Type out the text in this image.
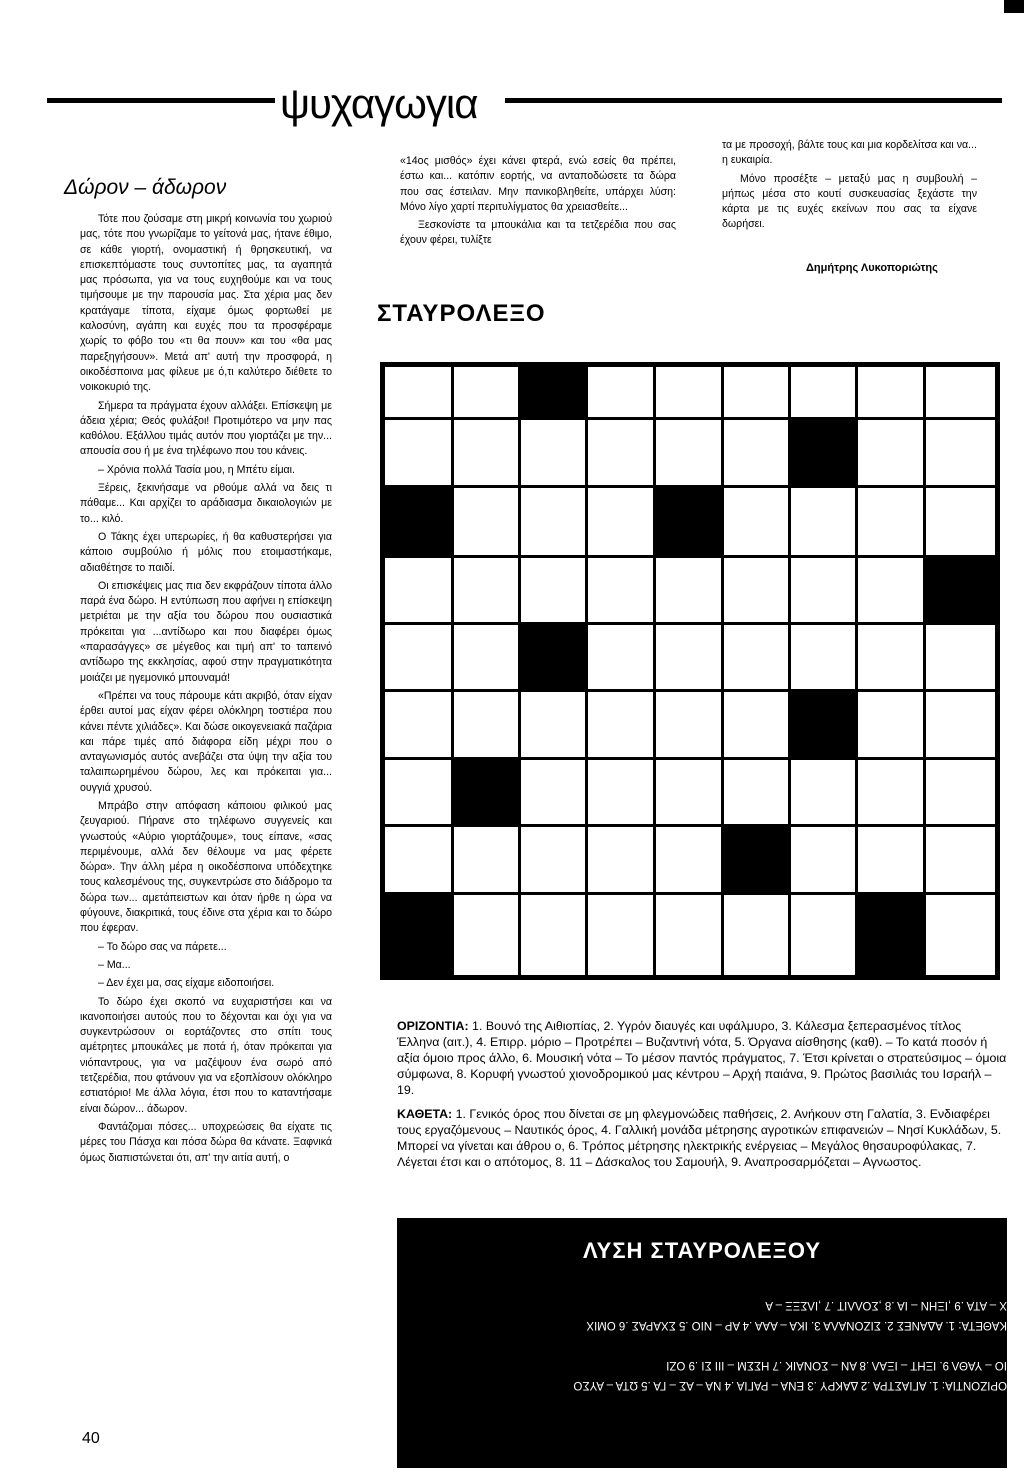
ψυχαγωγια
Δώρον – άδωρον

Τότε που ζούσαμε στη μικρή κοινωνία του χωριού μας, τότε που γνωρίζαμε το γείτονά μας, ήτανε έθιμο, σε κάθε γιορτή, ονομαστική ή θρησκευτική, να επισκεπτόμαστε τους συντοπίτες μας, τα αγαπητά μας πρόσωπα, για να τους ευχηθούμε και να τους τιμήσουμε με την παρουσία μας. Στα χέρια μας δεν κρατάγαμε τίποτα, είχαμε όμως φορτωθεί με καλοσύνη, αγάπη και ευχές που τα προσφέραμε χωρίς το φόβο του «τι θα πουν» και του «θα μας παρεξηγήσουν». Μετά απ' αυτή την προσφορά, η οικοδέσποινα μας φίλευε με ό,τι καλύτερο διέθετε το νοικοκυριό της.

Σήμερα τα πράγματα έχουν αλλάξει. Επίσκεψη με άδεια χέρια; Θεός φυλάξοι! Προτιμότερο να μην πας καθόλου. Εξάλλου τιμάς αυτόν που γιορτάζει με την... απουσία σου ή με ένα τηλέφωνο που του κάνεις.

– Χρόνια πολλά Τασία μου, η Μπέτυ είμαι.

Ξέρεις, ξεκινήσαμε να ρθούμε αλλά να δεις τι πάθαμε... Και αρχίζει το αράδιασμα δικαιολογιών με το... κιλό.

Ο Τάκης έχει υπερωρίες, ή θα καθυστερήσει για κάποιο συμβούλιο ή μόλις που ετοιμαστήκαμε, αδιαθέτησε το παιδί.

Οι επισκέψεις μας πια δεν εκφράζουν τίποτα άλλο παρά ένα δώρο. Η εντύπωση που αφήνει η επίσκεψη μετριέται με την αξία του δώρου που ουσιαστικά πρόκειται για ...αντίδωρο και που διαφέρει όμως «παρασάγγες» σε μέγεθος και τιμή απ' το ταπεινό αντίδωρο της εκκλησίας, αφού στην πραγματικότητα μοιάζει με ηγεμονικό μπουναμά!

«Πρέπει να τους πάρουμε κάτι ακριβό, όταν είχαν έρθει αυτοί μας είχαν φέρει ολόκληρη τοστιέρα που κάνει πέντε χιλιάδες». Και δώσε οικογενειακά παζάρια και πάρε τιμές από διάφορα είδη μέχρι που ο ανταγωνισμός αυτός ανεβάζει στα ύψη την αξία του ταλαιπωρημένου δώρου, λες και πρόκειται για... ουγγιά χρυσού.

Μπράβο στην απόφαση κάποιου φιλικού μας ζευγαριού. Πήρανε στο τηλέφωνο συγγενείς και γνωστούς «Αύριο γιορτάζουμε», τους είπανε, «σας περιμένουμε, αλλά δεν θέλουμε να μας φέρετε δώρα». Την άλλη μέρα η οικοδέσποινα υπόδεχτηκε τους καλεσμένους της, συγκεντρώσε στο διάδρομο τα δώρα των... αμετάπειστων και όταν ήρθε η ώρα να φύγουνε, διακριτικά, τους έδινε στα χέρια και το δώρο που έφεραν.

– Το δώρο σας να πάρετε...

– Μα...

– Δεν έχει μα, σας είχαμε ειδοποιήσει.

Το δώρο έχει σκοπό να ευχαριστήσει και να ικανοποιήσει αυτούς που το δέχονται και όχι για να συγκεντρώσουν οι εορτάζοντες στο σπίτι τους αμέτρητες μπουκάλες με ποτά ή, όταν πρόκειται για νιόπαντρους, για να μαζέψουν ένα σωρό από τετζερέδια, που φτάνουν για να εξοπλίσουν ολόκληρο εστιατόριο! Με άλλα λόγια, έτσι που το καταντήσαμε είναι δώρον... άδωρον.

Φαντάζομαι πόσες... υποχρεώσεις θα είχατε τις μέρες του Πάσχα και πόσα δώρα θα κάνατε. Ξαφνικά όμως διαπιστώνεται ότι, απ' την αιτία αυτή, ο

«14ος μισθός» έχει κάνει φτερά, ενώ εσείς θα πρέπει, έστω και... κατόπιν εορτής, να ανταποδώσετε τα δώρα που σας έστειλαν. Μην πανικοβληθείτε, υπάρχει λύση: Μόνο λίγο χαρτί περιτυλίγματος θα χρειασθείτε...

Ξεσκονίστε τα μπουκάλια και τα τετζερέδια που σας έχουν φέρει, τυλίξτε

τα με προσοχή, βάλτε τους και μια κορδελίτσα και να... η ευκαιρία.

Μόνο προσέξτε – μεταξύ μας η συμβουλή – μήπως μέσα στο κουτί συσκευασίας ξεχάστε την κάρτα με τις ευχές εκείνων που σας τα είχανε δωρήσει.

Δημήτρης Λυκοποριώτης
ΣΤΑΥΡΟΛΕΞΟ
ΟΡΙΖΟΝΤΙΑ: 1. Βουνό της Αιθιοπίας, 2. Υγρόν διαυγές και υφάλμυρο, 3. Κάλεσμα ξεπερασμένος τίτλος Έλληνα (αιτ.), 4. Επιρρ. μόριο – Προτρέπει – Βυζαντινή νότα, 5. Όργανα αίσθησης (καθ). – Το κατά ποσόν ή αξία όμοιο προς άλλο, 6. Μουσική νότα – Το μέσον παντός πράγματος, 7. Έτσι κρίνεται ο στρατεύσιμος – όμοια σύμφωνα, 8. Κορυφή γνωστού χιονοδρομικού μας κέντρου – Αρχή παιάνα, 9. Πρώτος βασιλιάς του Ισραήλ – 19.
ΚΑΘΕΤΑ: 1. Γενικός όρος που δίνεται σε μη φλεγμονώδεις παθήσεις, 2. Ανήκουν στη Γαλατία, 3. Ενδιαφέρει τους εργαζόμενους – Ναυτικός όρος, 4. Γαλλική μονάδα μέτρησης αγροτικών επιφανειών – Νησί Κυκλάδων, 5. Μπορεί να γίνεται και άθρου ο, 6. Τρόπος μέτρησης ηλεκτρικής ενέργειας – Μεγάλος θησαυροφύλακας, 7. Λέγεται έτσι και ο απότομος, 8. 11 – Δάσκαλος του Σαμουήλ, 9. Αναπροσαρμόζεται – Αγνωστος.
ΛΥΣΗ ΣΤΑΥΡΟΛΕΞΟΥ
Χ – ΑΤΑ .9 ,ΙΞΗΝ – ΙΑ .8 ,ΣΟΛΛΙΤ .7 ,ΙΛΣΞΞ – Α
ΚΑΘΕΤΑ: 1. ΑΔΑΝΕΣ 2. ΣΙΖΟΝΑΛΑ 3. ΙΚΑ – ΑΑΑ .4 ΑΡ – ΝΙΟ .5 ΣΧΑΡΑΣ .6 ΟΜΙΧ
ΙΟ – ΥΑΘΛ 9. ΙΞΗΤ – ΙΞΑΛ .8 ΑΝ – ΣΟΝΑΙΚ .7 ΗΣΣΜ – ΙΙΙ ΣΙ .9 ΟΖΙ
ΟΡΙΖΟΝΤΙΑ: 1. ΑΓΙΑΣΤΡΑ .2 ΔΑΚΡΥ .3 ΕΝΑ – ΡΑΓΙΑ .4 ΝΑ – ΑΣ – ΓΑ .5 ΩΤΑ – ΑΥΣΟ
40
